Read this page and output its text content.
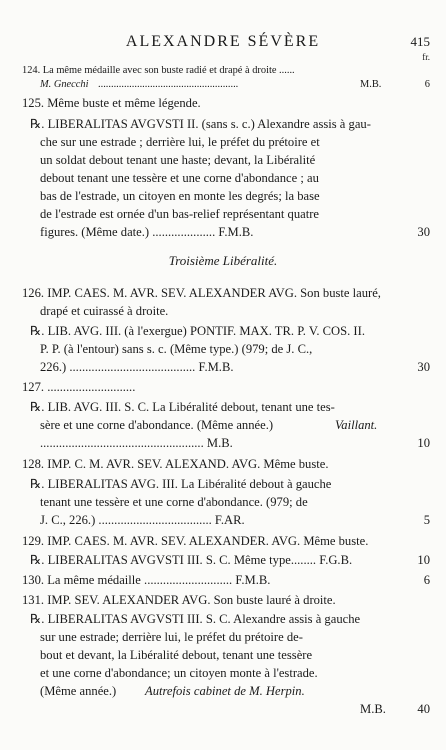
ALEXANDRE SÉVÈRE	415
fr.
124. La même médaille avec son buste radié et drapé à droite ......
M. Gnecchi ......................................................	M.B.	6
125. Même buste et même légende.
℞. LIBERALITAS AVGVSTI II. (sans s. c.) Alexandre assis à gau-
che sur une estrade ; derrière lui, le préfet du prétoire et
un soldat debout tenant une haste; devant, la Libéralité
debout tenant une tessère et une corne d'abondance ; au
bas de l'estrade, un citoyen en monte les degrés; la base
de l'estrade est ornée d'un bas-relief représentant quatre
figures. (Même date.) .................... F.M.B.	30
Troisième Libéralité.
126. IMP. CAES. M. AVR. SEV. ALEXANDER AVG. Son buste lauré,
drapé et cuirassé à droite.
℞. LIB. AVG. III. (à l'exergue) PONTIF. MAX. TR. P. V. COS. II.
P. P. (à l'entour) sans s. c. (Même type.) (979; de J. C.,
226.) ........................................ F.M.B.	30
127. ............................
℞. LIB. AVG. III. S. C. La Libéralité debout, tenant une tes-
sère et une corne d'abondance. (Même année.)	Vaillant.
.................................................... M.B.	10
128. IMP. C. M. AVR. SEV. ALEXAND. AVG. Même buste.
℞. LIBERALITAS AVG. III. La Libéralité debout à gauche
tenant une tessère et une corne d'abondance. (979; de
J. C., 226.) .................................... F.AR.	5
129. IMP. CAES. M. AVR. SEV. ALEXANDER. AVG. Même buste.
℞. LIBERALITAS AVGVSTI III. S. C. Même type........ F.G.B.	10
130. La même médaille ............................ F.M.B.	6
131. IMP. SEV. ALEXANDER AVG. Son buste lauré à droite.
℞. LIBERALITAS AVGVSTI III. S. C. Alexandre assis à gauche
sur une estrade; derrière lui, le préfet du prétoire de-
bout et devant, la Libéralité debout, tenant une tessère
et une corne d'abondance; un citoyen monte à l'estrade.
(Même année.) Autrefois cabinet de M. Herpin.
M.B.	40
